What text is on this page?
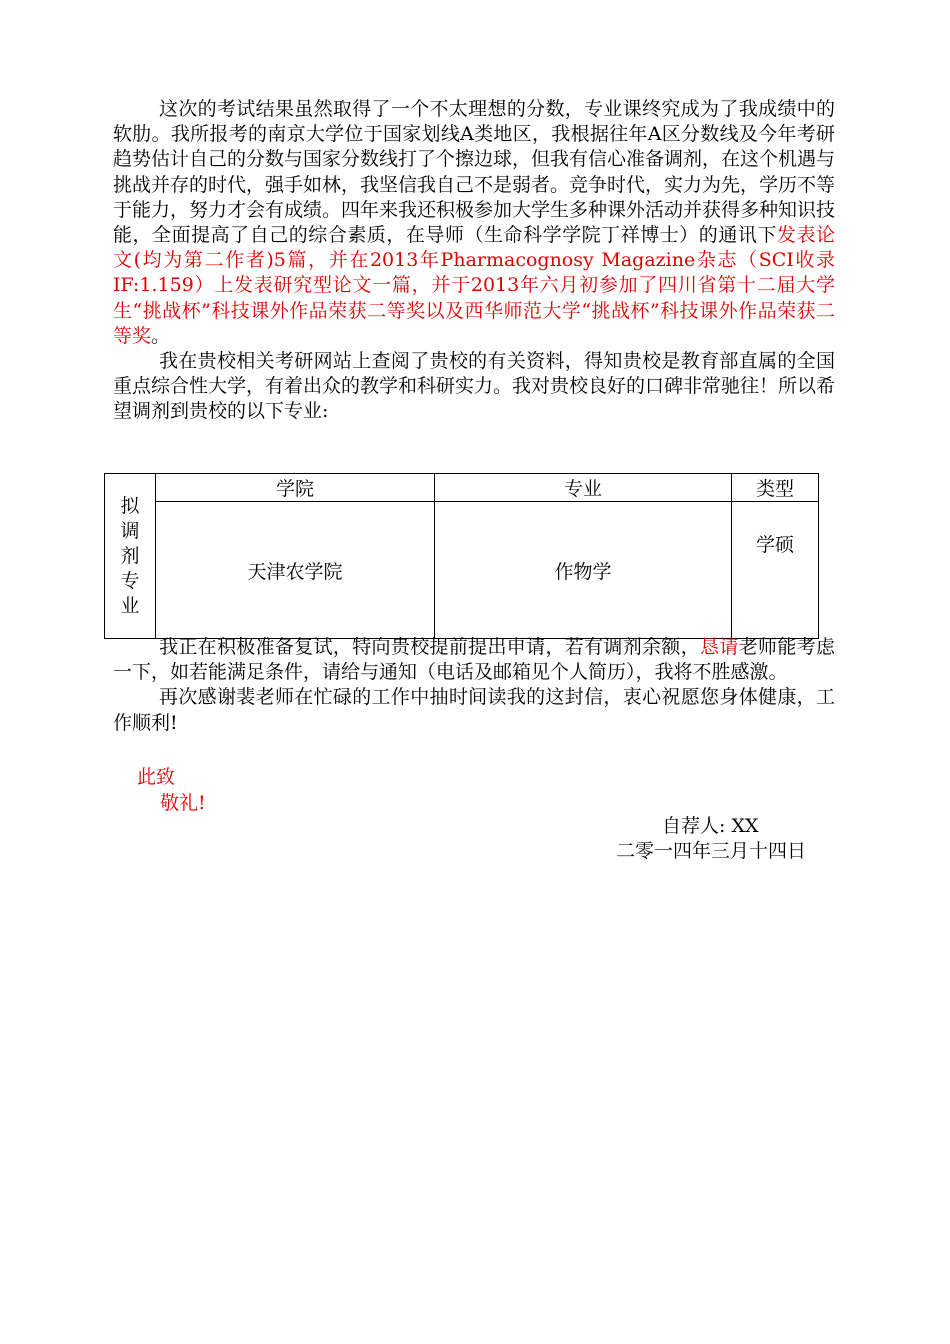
这次的考试结果虽然取得了一个不太理想的分数，专业课终究成为了我成绩中的软肋。我所报考的南京大学位于国家划线A类地区，我根据往年A区分数线及今年考研趋势估计自己的分数与国家分数线打了个擦边球，但我有信心准备调剂，在这个机遇与挑战并存的时代，强手如林，我坚信我自己不是弱者。竞争时代，实力为先，学历不等于能力，努力才会有成绩。四年来我还积极参加大学生多种课外活动并获得多种知识技能，全面提高了自己的综合素质，在导师（生命科学学院丁祥博士）的通讯下发表论文(均为第二作者)5篇，并在2013年Pharmacognosy Magazine杂志（SCI收录IF:1.159）上发表研究型论文一篇，并于2013年六月初参加了四川省第十二届大学生“挑战杯”科技课外作品荣获二等奖以及西华师范大学“挑战杯”科技课外作品荣获二等奖。

我在贵校相关考研网站上查阅了贵校的有关资料，得知贵校是教育部直属的全国重点综合性大学，有着出众的教学和科研实力。我对贵校良好的口碑非常驰往！所以希望调剂到贵校的以下专业:

拟
调
剂
专
业	学院	专业	类型
	天津农学院	作物学	学硕

我正在积极准备复试，特向贵校提前提出申请，若有调剂余额，恳请老师能考虑一下，如若能满足条件，请给与通知（电话及邮箱见个人简历），我将不胜感激。

再次感谢裴老师在忙碌的工作中抽时间读我的这封信，衷心祝愿您身体健康，工作顺利!

此致
敬礼!
自荐人: XX
二零一四年三月十四日
